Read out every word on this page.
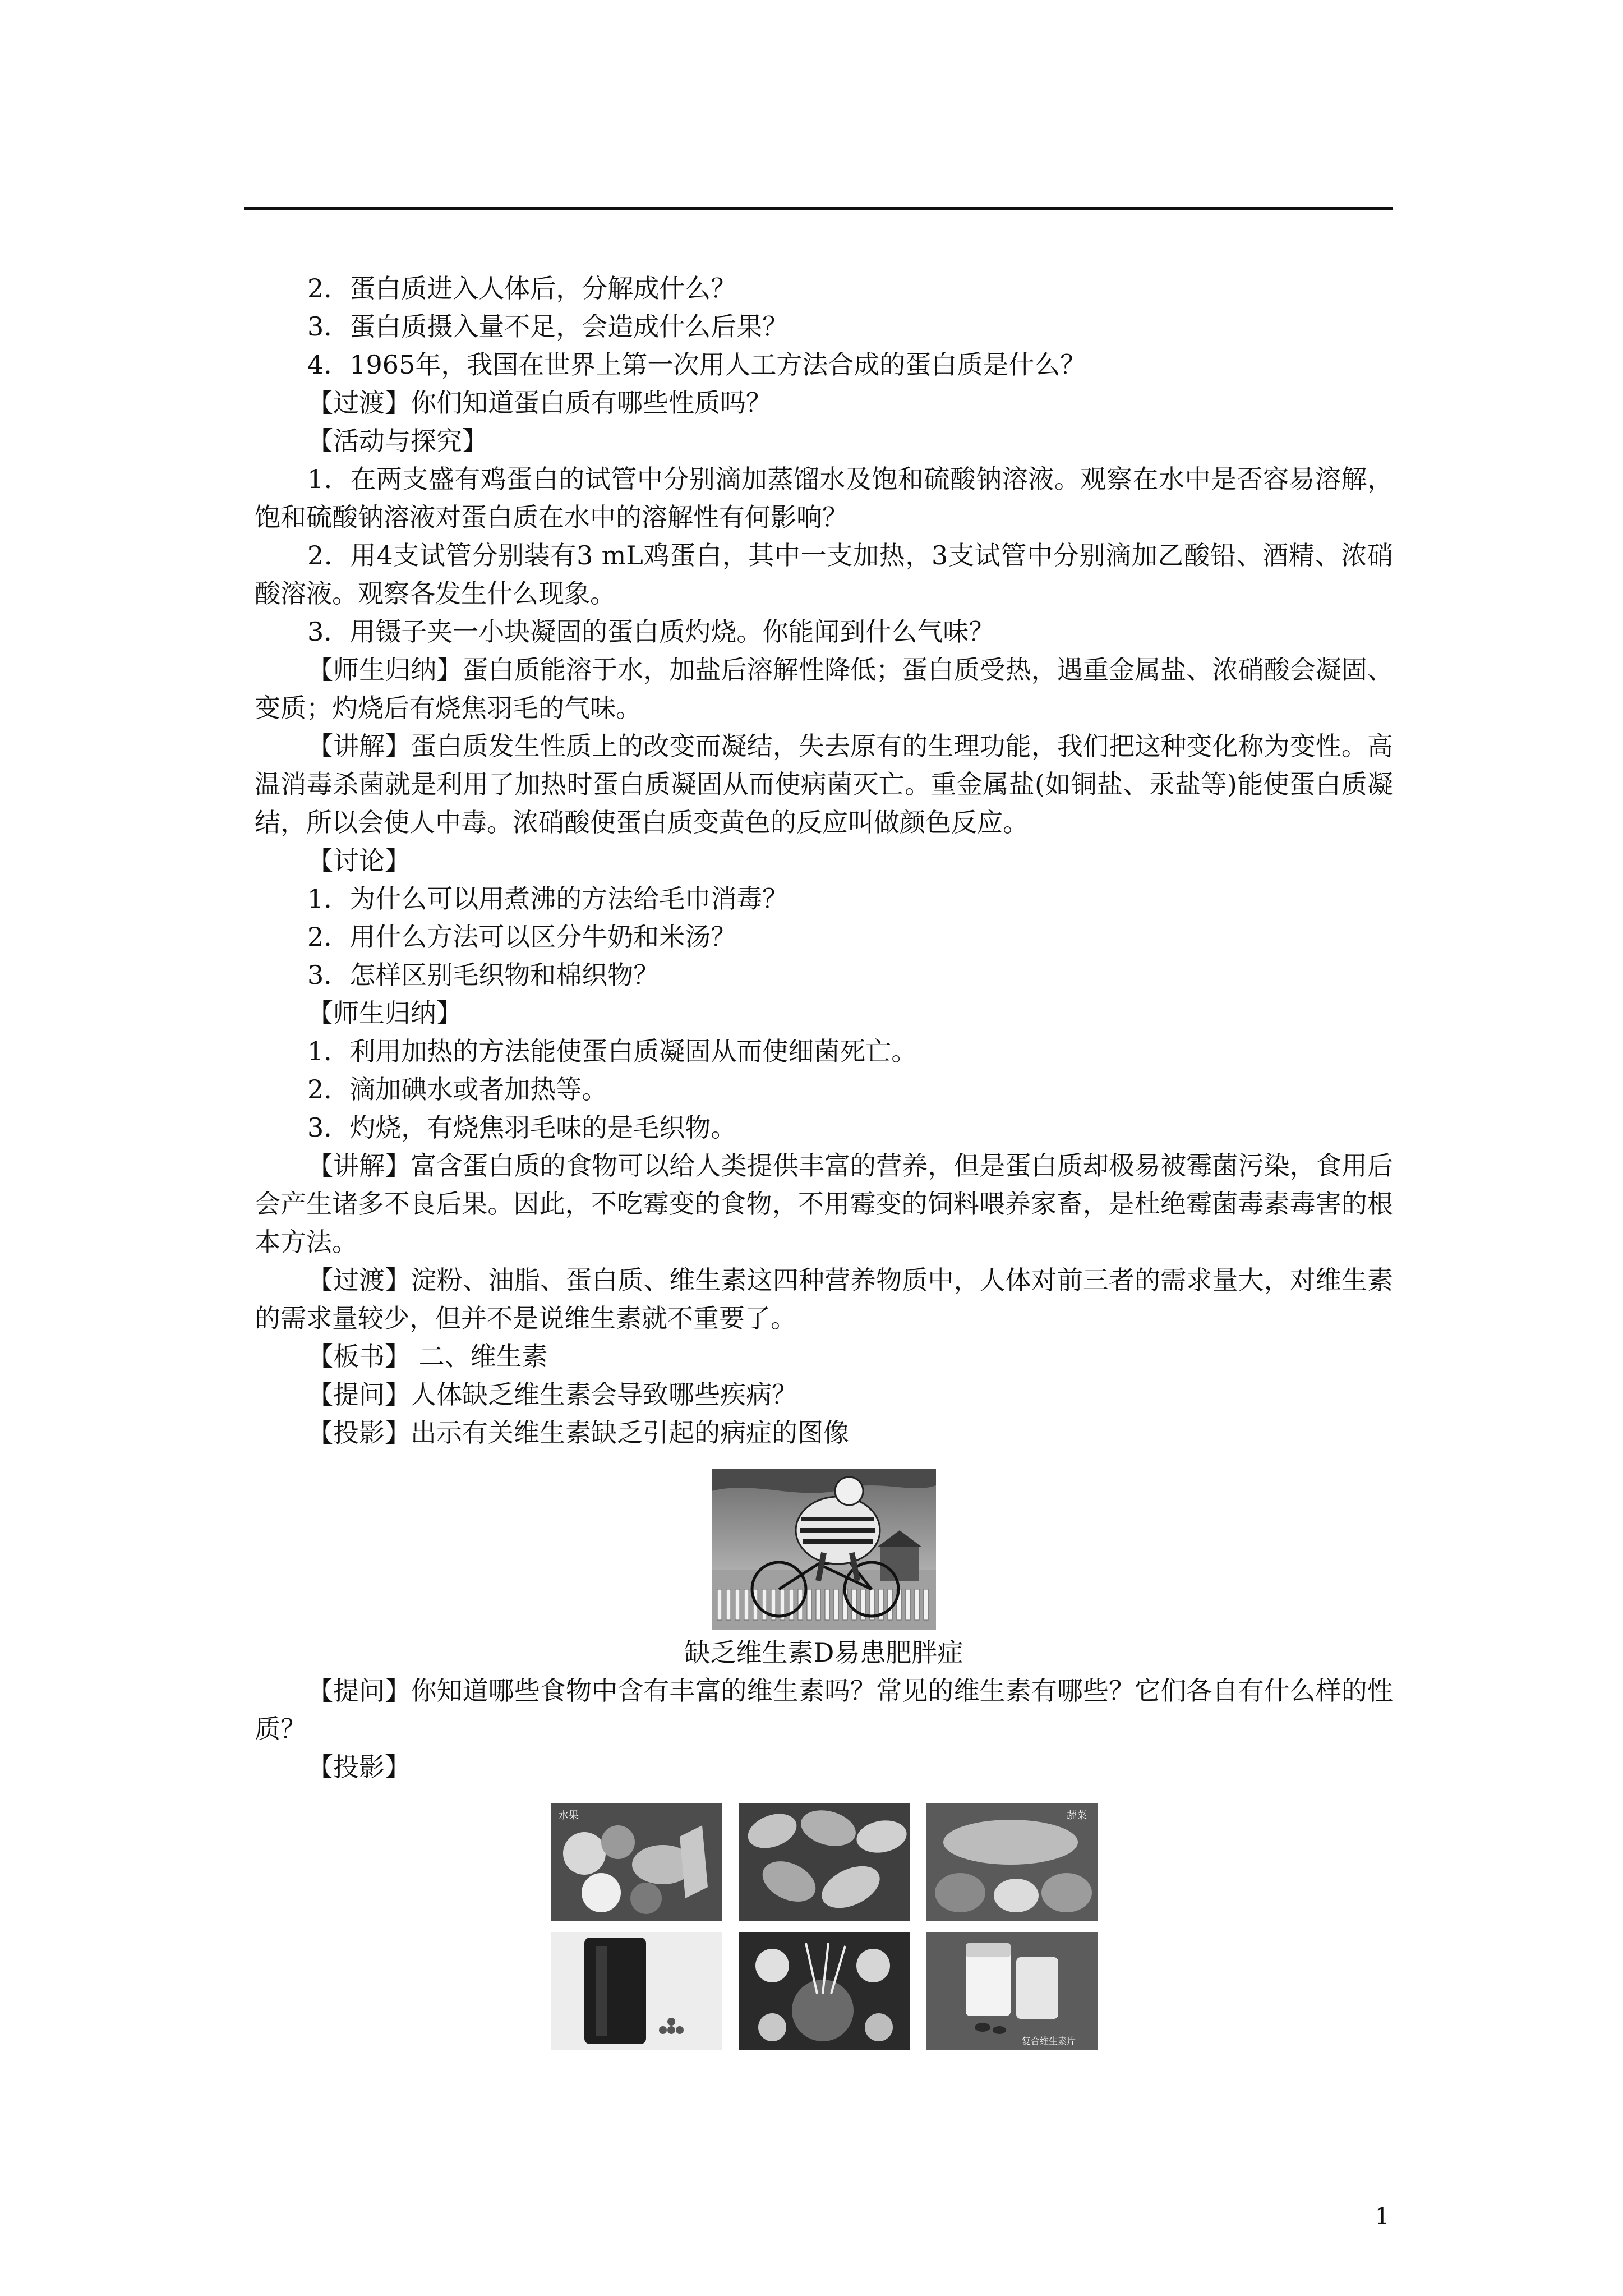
2．蛋白质进入人体后，分解成什么？

3．蛋白质摄入量不足，会造成什么后果？

4．1965年，我国在世界上第一次用人工方法合成的蛋白质是什么？

【过渡】你们知道蛋白质有哪些性质吗？

【活动与探究】

1．在两支盛有鸡蛋白的试管中分别滴加蒸馏水及饱和硫酸钠溶液。观察在水中是否容易溶解，饱和硫酸钠溶液对蛋白质在水中的溶解性有何影响？

2．用4支试管分别装有3 mL鸡蛋白，其中一支加热，3支试管中分别滴加乙酸铅、酒精、浓硝酸溶液。观察各发生什么现象。

3．用镊子夹一小块凝固的蛋白质灼烧。你能闻到什么气味？

【师生归纳】蛋白质能溶于水，加盐后溶解性降低；蛋白质受热，遇重金属盐、浓硝酸会凝固、变质；灼烧后有烧焦羽毛的气味。

【讲解】蛋白质发生性质上的改变而凝结，失去原有的生理功能，我们把这种变化称为变性。高温消毒杀菌就是利用了加热时蛋白质凝固从而使病菌灭亡。重金属盐(如铜盐、汞盐等)能使蛋白质凝结，所以会使人中毒。浓硝酸使蛋白质变黄色的反应叫做颜色反应。

【讨论】

1．为什么可以用煮沸的方法给毛巾消毒？

2．用什么方法可以区分牛奶和米汤？

3．怎样区别毛织物和棉织物？

【师生归纳】

1．利用加热的方法能使蛋白质凝固从而使细菌死亡。

2．滴加碘水或者加热等。

3．灼烧，有烧焦羽毛味的是毛织物。

【讲解】富含蛋白质的食物可以给人类提供丰富的营养，但是蛋白质却极易被霉菌污染，食用后会产生诸多不良后果。因此，不吃霉变的食物，不用霉变的饲料喂养家畜，是杜绝霉菌毒素毒害的根本方法。

【过渡】淀粉、油脂、蛋白质、维生素这四种营养物质中，人体对前三者的需求量大，对维生素的需求量较少，但并不是说维生素就不重要了。

【板书】 二、维生素

【提问】人体缺乏维生素会导致哪些疾病？

【投影】出示有关维生素缺乏引起的病症的图像

缺乏维生素D易患肥胖症

【提问】你知道哪些食物中含有丰富的维生素吗？常见的维生素有哪些？它们各自有什么样的性质？

【投影】

水果	蔬菜
复合维生素片
1
